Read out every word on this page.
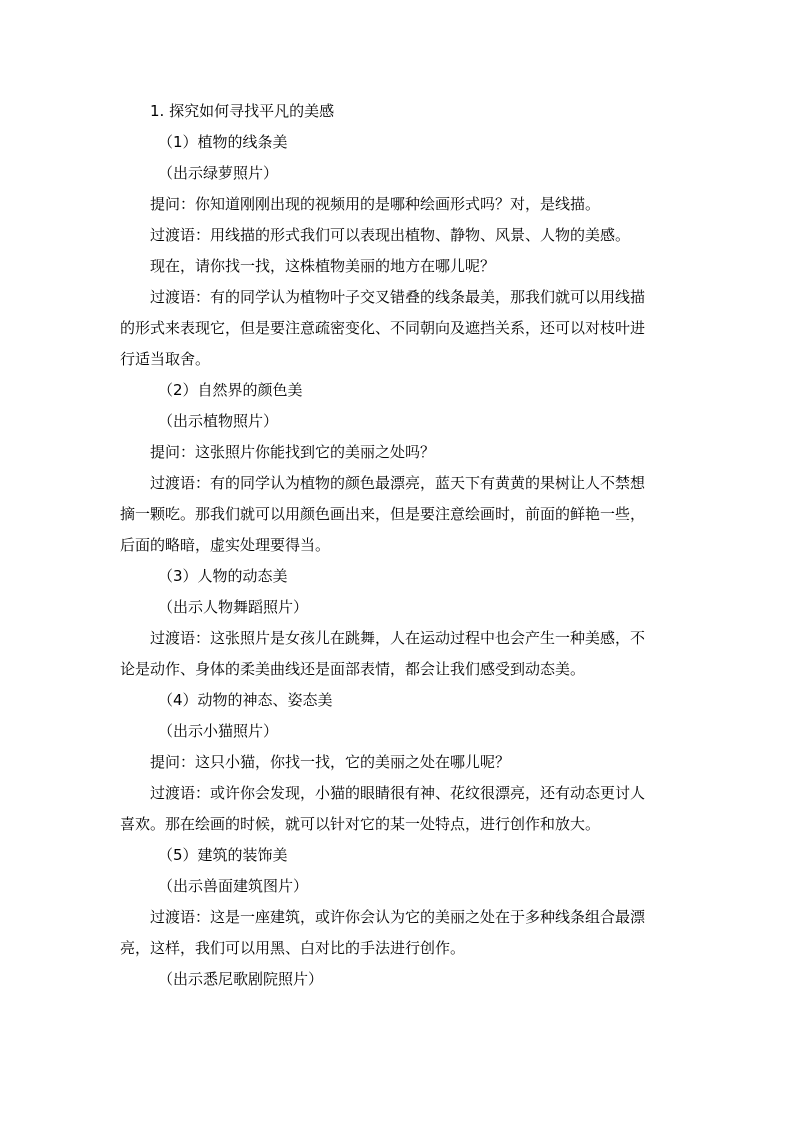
1. 探究如何寻找平凡的美感
（1）植物的线条美
（出示绿萝照片）
提问：你知道刚刚出现的视频用的是哪种绘画形式吗？对，是线描。
过渡语：用线描的形式我们可以表现出植物、静物、风景、人物的美感。
现在，请你找一找，这株植物美丽的地方在哪儿呢？
过渡语：有的同学认为植物叶子交叉错叠的线条最美，那我们就可以用线描
的形式来表现它，但是要注意疏密变化、不同朝向及遮挡关系，还可以对枝叶进
行适当取舍。
（2）自然界的颜色美
（出示植物照片）
提问：这张照片你能找到它的美丽之处吗？
过渡语：有的同学认为植物的颜色最漂亮，蓝天下有黄黄的果树让人不禁想
摘一颗吃。那我们就可以用颜色画出来，但是要注意绘画时，前面的鲜艳一些，
后面的略暗，虚实处理要得当。
（3）人物的动态美
（出示人物舞蹈照片）
过渡语：这张照片是女孩儿在跳舞，人在运动过程中也会产生一种美感，不
论是动作、身体的柔美曲线还是面部表情，都会让我们感受到动态美。
（4）动物的神态、姿态美
（出示小猫照片）
提问：这只小猫，你找一找，它的美丽之处在哪儿呢？
过渡语：或许你会发现，小猫的眼睛很有神、花纹很漂亮，还有动态更讨人
喜欢。那在绘画的时候，就可以针对它的某一处特点，进行创作和放大。
（5）建筑的装饰美
（出示兽面建筑图片）
过渡语：这是一座建筑，或许你会认为它的美丽之处在于多种线条组合最漂
亮，这样，我们可以用黑、白对比的手法进行创作。
（出示悉尼歌剧院照片）
